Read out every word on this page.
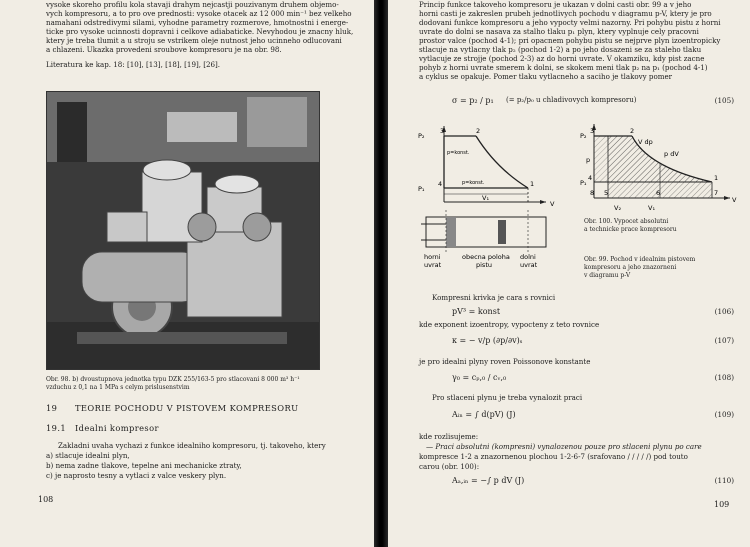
vysoke skoreho profilu kola stavaji drahym nejcastji pouzivanym druhem objemo-
vych kompresoru, a to pro ove prednosti: vysoke otacek az 12 000 min⁻¹ bez velkeho
namahani odstredivymi silami, vyhodne parametry rozmerove, hmotnostni i energe-
ticke pro vysoke ucinnosti dopravni i celkove adiabaticke. Nevyhodou je znacny hluk,
ktery je treba tlumit a u stroju se vstrikem oleje nutnost jeho ucinneho odlucovani
a chlazeni. Ukazka provedeni sroubove kompresoru je na obr. 98.
Literatura ke kap. 18: [10], [13], [18], [19], [26].
Obr. 98. b) dvoustupnova jednotka typu DZK 255/163-5 pro stlacovani 8 000 m³ h⁻¹
vzduchu z 0,1 na 1 MPa s celym prislusenstvim
19 TEORIE POCHODU V PISTOVEM KOMPRESORU
19.1 Idealni kompresor
Zakladni uvaha vychazi z funkce idealniho kompresoru, tj. takoveho, ktery
a) stlacuje idealni plyn,
b) nema zadne tlakove, tepelne ani mechanicke ztraty,
c) je naprosto tesny a vytlaci z valce veskery plyn.
108
Princip funkce takoveho kompresoru je ukazan v dolni casti obr. 99 a v jeho
horni casti je zakreslen prubeh jednotlivych pochodu v diagramu p-V, ktery je pro
dodovani funkce kompresoru a jeho vypocty velmi nazorny. Pri pohybu pistu z horni
uvrate do dolni se nasava za stalho tlaku p₁ plyn, ktery vyplnuje cely pracovni
prostor valce (pochod 4-1); pri opacnem pohybu pistu se nejprve plyn izoentropicky
stlacuje na vytlacny tlak p₂ (pochod 1-2) a po jeho dosazeni se za staleho tlaku
vytlacuje ze strojje (pochod 2-3) az do horni uvrate. V okamziku, kdy pist zacne
pohyb z horni uvrate smerem k dolni, se skokem meni tlak p₂ na p₁ (pochod 4-1)
a cyklus se opakuje. Pomer tlaku vytlacneho a saciho je tlakovy pomer
σ = p₂ / p₁ (= p₂/p₀ u chladivovych kompresoru)	(105)
P₂
P₁
V
V₁
3	2
4	1
p=konst.
p=konst.
horni
uvrat
obecna poloha
pistu
dolni
uvrat
P₂
P₁
p
V
V₁
V₂
V dp
p dV
3	2
5	6	7
4	1
8
Obr. 100. Vypocet absolutni
a technicke prace kompresoru
Obr. 99. Pochod v idealnim pistovem
kompresoru a jeho znazorneni
v diagramu p-V
Kompresni krivka je cara s rovnici
pV³ = konst	(106)
kde exponent izoentropy, vypocteny z teto rovnice
κ = − v/p (∂p/∂v)ₛ	(107)
je pro idealni plyny roven Poissonove konstante
γ₀ = cₚ,₀ / cᵥ,₀	(108)
Pro stlaceni plynu je treba vynalozit praci
Aᵢₙ = ∫ d(pV) (J)	(109)
kde rozlisujeme:
— Praci absolutni (kompresni) vynalozenou pouze pro stlaceni plynu po care
kompresce 1-2 a znazornenou plochou 1-2-6-7 (srafovano / / / / /) pod touto
carou (obr. 100):
Aₐ,ᵢₙ = −∫ p dV (J)	(110)
109
